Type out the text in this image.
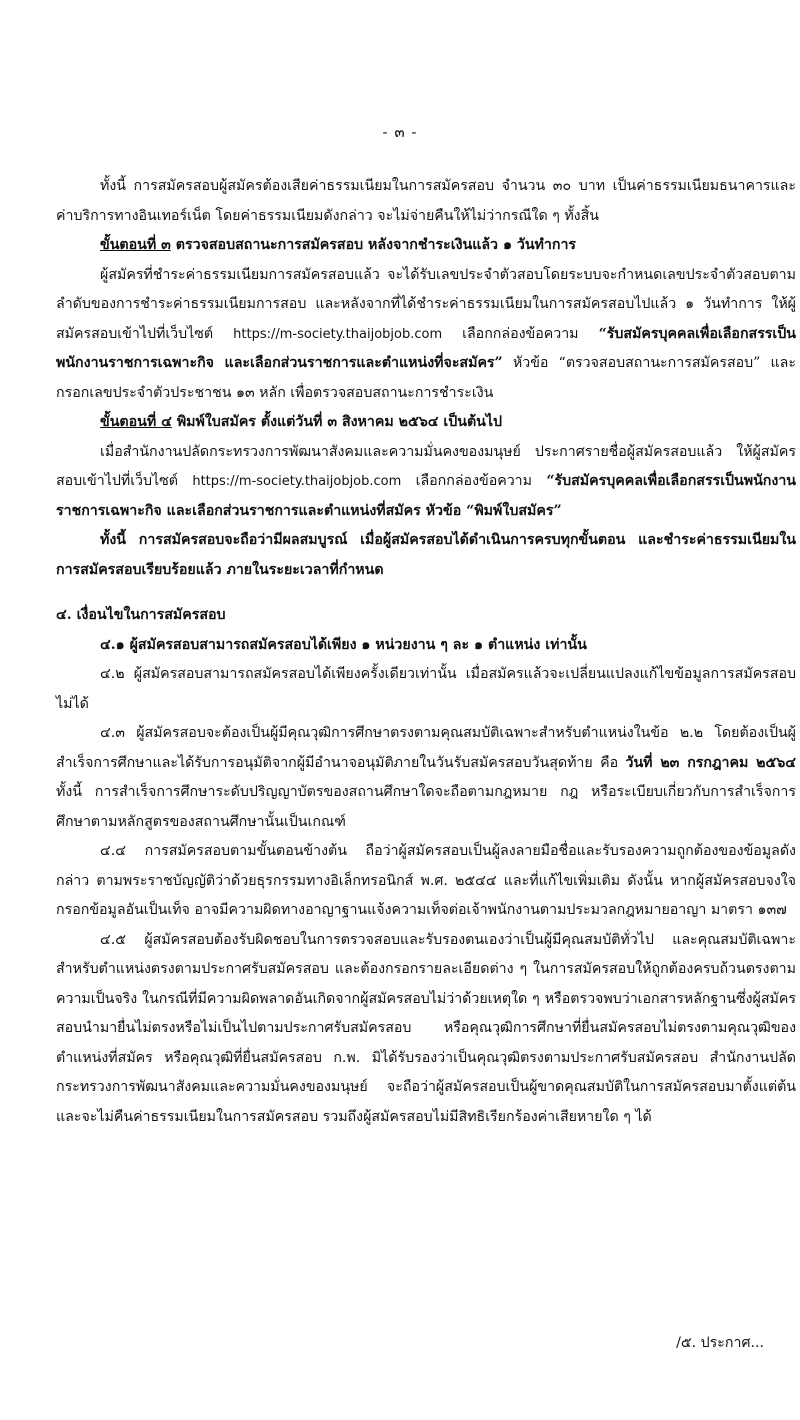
- ๓ -

ทั้งนี้ การสมัครสอบผู้สมัครต้องเสียค่าธรรมเนียมในการสมัครสอบ จำนวน ๓๐ บาท เป็นค่าธรรมเนียมธนาคารและค่าบริการทางอินเทอร์เน็ต โดยค่าธรรมเนียมดังกล่าว จะไม่จ่ายคืนให้ไม่ว่ากรณีใด ๆ ทั้งสิ้น

ขั้นตอนที่ ๓ ตรวจสอบสถานะการสมัครสอบ หลังจากชำระเงินแล้ว ๑ วันทำการ

ผู้สมัครที่ชำระค่าธรรมเนียมการสมัครสอบแล้ว จะได้รับเลขประจำตัวสอบโดยระบบจะกำหนดเลขประจำตัวสอบตามลำดับของการชำระค่าธรรมเนียมการสอบ และหลังจากที่ได้ชำระค่าธรรมเนียมในการสมัครสอบไปแล้ว ๑ วันทำการ ให้ผู้สมัครสอบเข้าไปที่เว็บไซต์ https://m-society.thaijobjob.com เลือกกล่องข้อความ “รับสมัครบุคคลเพื่อเลือกสรรเป็นพนักงานราชการเฉพาะกิจ และเลือกส่วนราชการและตำแหน่งที่จะสมัคร” หัวข้อ “ตรวจสอบสถานะการสมัครสอบ” และกรอกเลขประจำตัวประชาชน ๑๓ หลัก เพื่อตรวจสอบสถานะการชำระเงิน

ขั้นตอนที่ ๔ พิมพ์ใบสมัคร ตั้งแต่วันที่ ๓ สิงหาคม ๒๕๖๔ เป็นต้นไป

เมื่อสำนักงานปลัดกระทรวงการพัฒนาสังคมและความมั่นคงของมนุษย์ ประกาศรายชื่อผู้สมัครสอบแล้ว ให้ผู้สมัครสอบเข้าไปที่เว็บไซต์ https://m-society.thaijobjob.com เลือกกล่องข้อความ “รับสมัครบุคคลเพื่อเลือกสรรเป็นพนักงานราชการเฉพาะกิจ และเลือกส่วนราชการและตำแหน่งที่สมัคร หัวข้อ “พิมพ์ใบสมัคร”

ทั้งนี้ การสมัครสอบจะถือว่ามีผลสมบูรณ์ เมื่อผู้สมัครสอบได้ดำเนินการครบทุกขั้นตอน และชำระค่าธรรมเนียมในการสมัครสอบเรียบร้อยแล้ว ภายในระยะเวลาที่กำหนด

๔. เงื่อนไขในการสมัครสอบ

๔.๑ ผู้สมัครสอบสามารถสมัครสอบได้เพียง ๑ หน่วยงาน ๆ ละ ๑ ตำแหน่ง เท่านั้น

๔.๒ ผู้สมัครสอบสามารถสมัครสอบได้เพียงครั้งเดียวเท่านั้น เมื่อสมัครแล้วจะเปลี่ยนแปลงแก้ไขข้อมูลการสมัครสอบไม่ได้

๔.๓ ผู้สมัครสอบจะต้องเป็นผู้มีคุณวุฒิการศึกษาตรงตามคุณสมบัติเฉพาะสำหรับตำแหน่งในข้อ ๒.๒ โดยต้องเป็นผู้สำเร็จการศึกษาและได้รับการอนุมัติจากผู้มีอำนาจอนุมัติภายในวันรับสมัครสอบวันสุดท้าย คือ วันที่ ๒๓ กรกฎาคม ๒๕๖๔ ทั้งนี้ การสำเร็จการศึกษาระดับปริญญาบัตรของสถานศึกษาใดจะถือตามกฎหมาย กฎ หรือระเบียบเกี่ยวกับการสำเร็จการศึกษาตามหลักสูตรของสถานศึกษานั้นเป็นเกณฑ์

๔.๔ การสมัครสอบตามขั้นตอนข้างต้น ถือว่าผู้สมัครสอบเป็นผู้ลงลายมือชื่อและรับรองความถูกต้องของข้อมูลดังกล่าว ตามพระราชบัญญัติว่าด้วยธุรกรรมทางอิเล็กทรอนิกส์ พ.ศ. ๒๕๔๔ และที่แก้ไขเพิ่มเติม ดังนั้น หากผู้สมัครสอบจงใจกรอกข้อมูลอันเป็นเท็จ อาจมีความผิดทางอาญาฐานแจ้งความเท็จต่อเจ้าพนักงานตามประมวลกฎหมายอาญา มาตรา ๑๓๗

๔.๕ ผู้สมัครสอบต้องรับผิดชอบในการตรวจสอบและรับรองตนเองว่าเป็นผู้มีคุณสมบัติทั่วไป และคุณสมบัติเฉพาะสำหรับตำแหน่งตรงตามประกาศรับสมัครสอบ และต้องกรอกรายละเอียดต่าง ๆ ในการสมัครสอบให้ถูกต้องครบถ้วนตรงตามความเป็นจริง ในกรณีที่มีความผิดพลาดอันเกิดจากผู้สมัครสอบไม่ว่าด้วยเหตุใด ๆ หรือตรวจพบว่าเอกสารหลักฐานซึ่งผู้สมัครสอบนำมายื่นไม่ตรงหรือไม่เป็นไปตามประกาศรับสมัครสอบ หรือคุณวุฒิการศึกษาที่ยื่นสมัครสอบไม่ตรงตามคุณวุฒิของตำแหน่งที่สมัคร หรือคุณวุฒิที่ยื่นสมัครสอบ ก.พ. มิได้รับรองว่าเป็นคุณวุฒิตรงตามประกาศรับสมัครสอบ สำนักงานปลัดกระทรวงการพัฒนาสังคมและความมั่นคงของมนุษย์ จะถือว่าผู้สมัครสอบเป็นผู้ขาดคุณสมบัติในการสมัครสอบมาตั้งแต่ต้น และจะไม่คืนค่าธรรมเนียมในการสมัครสอบ รวมถึงผู้สมัครสอบไม่มีสิทธิเรียกร้องค่าเสียหายใด ๆ ได้

/๕. ประกาศ...
